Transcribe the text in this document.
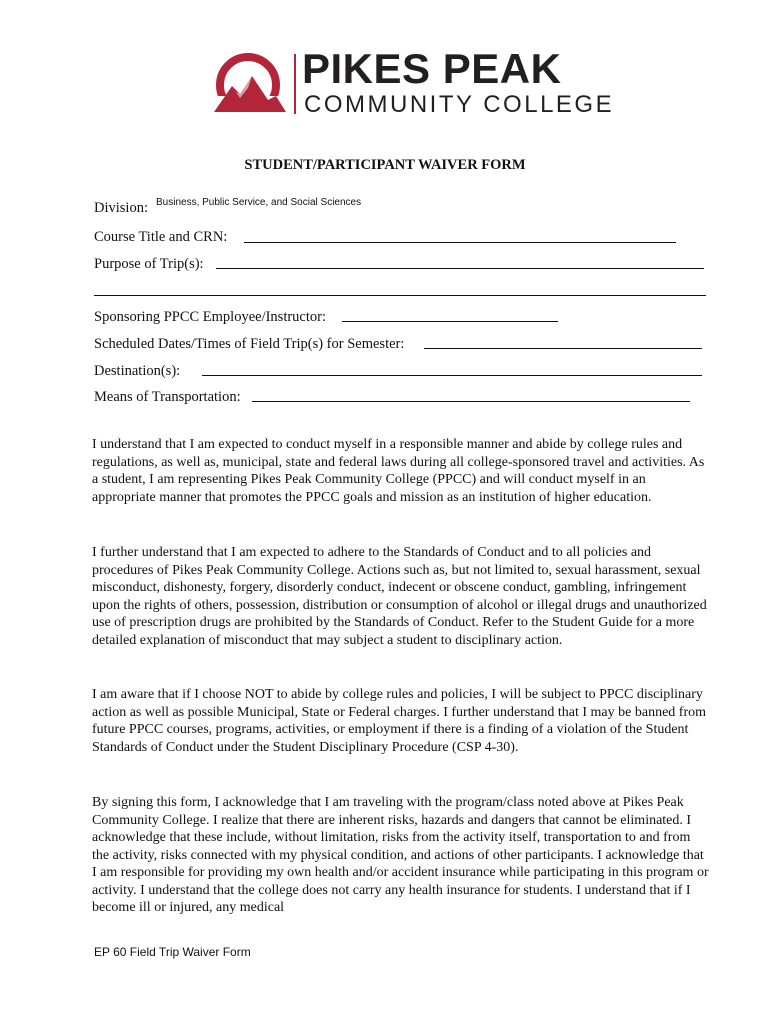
PIKES PEAK
COMMUNITY COLLEGE
STUDENT/PARTICIPANT WAIVER FORM
Division: Business, Public Service, and Social Sciences
Course Title and CRN:
Purpose of Trip(s):
Sponsoring PPCC Employee/Instructor:
Scheduled Dates/Times of Field Trip(s) for Semester:
Destination(s):
Means of Transportation:

I understand that I am expected to conduct myself in a responsible manner and abide by college rules and regulations, as well as, municipal, state and federal laws during all college-sponsored travel and activities. As a student, I am representing Pikes Peak Community College (PPCC) and will conduct myself in an appropriate manner that promotes the PPCC goals and mission as an institution of higher education.

I further understand that I am expected to adhere to the Standards of Conduct and to all policies and procedures of Pikes Peak Community College. Actions such as, but not limited to, sexual harassment, sexual misconduct, dishonesty, forgery, disorderly conduct, indecent or obscene conduct, gambling, infringement upon the rights of others, possession, distribution or consumption of alcohol or illegal drugs and unauthorized use of prescription drugs are prohibited by the Standards of Conduct. Refer to the Student Guide for a more detailed explanation of misconduct that may subject a student to disciplinary action.

I am aware that if I choose NOT to abide by college rules and policies, I will be subject to PPCC disciplinary action as well as possible Municipal, State or Federal charges. I further understand that I may be banned from future PPCC courses, programs, activities, or employment if there is a finding of a violation of the Student Standards of Conduct under the Student Disciplinary Procedure (CSP 4-30).

By signing this form, I acknowledge that I am traveling with the program/class noted above at Pikes Peak Community College. I realize that there are inherent risks, hazards and dangers that cannot be eliminated. I acknowledge that these include, without limitation, risks from the activity itself, transportation to and from the activity, risks connected with my physical condition, and actions of other participants. I acknowledge that I am responsible for providing my own health and/or accident insurance while participating in this program or activity. I understand that the college does not carry any health insurance for students. I understand that if I become ill or injured, any medical

EP 60 Field Trip Waiver Form
